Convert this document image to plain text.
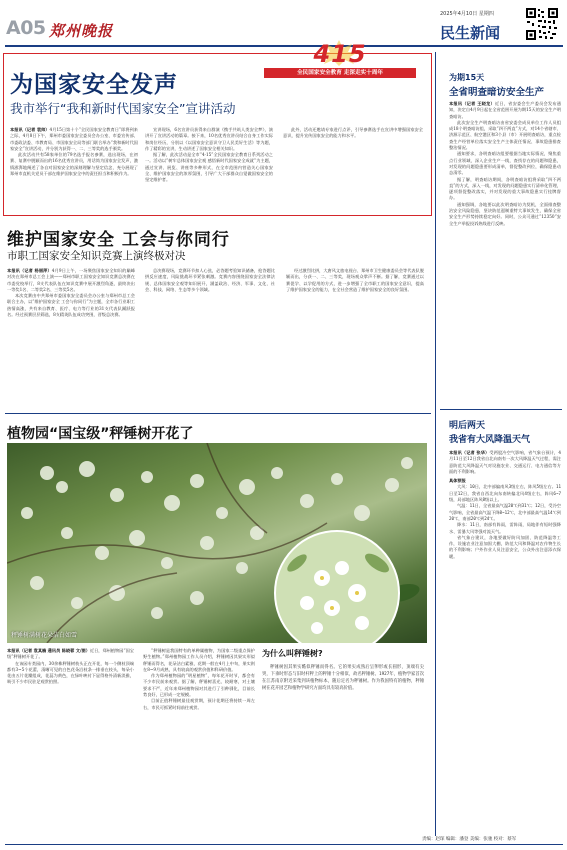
A05 郑州晚报
2025年4月10日 星期四
民生新闻
415
全民国家安全教育 走深走实十周年
为国家安全发声
我市举行“我和新时代国家安全”宣讲活动
本报讯（记者 袁帅）4月15日第十个“全民国家安全教育日”即将到来之际，4月8日下午，郑州市委国家安全委员会办公室、市委宣传部、市委政法委、市教育局、市国家安全局等部门联合举办“我和新时代国家安全”宣讲活动，并分别为获得一、二、三等奖的选手颁奖。
此次活动共有58家单位的79名选手报名参赛，选出现场，在初赛、复赛中脱颖而出的16名优秀宣讲员，用话筒为国家安全发声，激情澎湃地阐述了各自对国家安全的深刻理解与坚定信念，充分展现了郑州市直机关党员干部在维护国家安全中的责任担当和积极作为。
宣讲现场，6名宣讲员获得来自群演《携手共筑人类安全梦》，演讲开了宣讲活动的篇章。接下来，10名优秀宣讲员结合自身工作实际和岗位经历，分别以《以国家安全意识守卫人民美好生活》等为题，作了精彩的宣讲，生动讲述了国家安全相关知识。
据了解，此次活动是全市“4·15”全民国家安全教育日系列活动之一。活动以“树牢总体国家安全观 感悟新时代国家安全成就”为主题，通过宣讲、展览、讲座等多种形式，在全市范围内营造关心国家安全、维护国家安全的浓厚氛围，引导广大干部群众自觉做国家安全的坚定维护者。
此外，活动还邀请专家进行点评，引导参赛选手在宣讲中增强国家安全意识，提升宣传国家安全的能力和水平。
维护国家安全 工会与你同行
市职工国家安全知识竞赛上演终极对决
本报讯（记者 杨丽萍）4月9日上午，一场聚焦国家安全知识的巅峰对决在郑州市总工会上演——郑州市职工国家安全知识竞赛总决赛在市委党校举行，8支代表队伍在知识竞赛中展开激烈角逐，最终决出一等奖1名、二等奖2名、三等奖5名。
本次竞赛由中共郑州市委国家安全委员会办公室与郑州市总工会联合主办，以“维护国家安全 工会与你同行”为主题，全市各行业职工热情高涨，共有来自教育、医疗、电力等行业的31支代表队踊跃报名。经过预赛层层筛选，8支精英队伍成功突围，晋级总决赛。
总决赛现场，竞赛环节扣人心弦，必答题考验知识储备，抢答题比拼反应速度，风险挑战环节紧张刺激。竞赛内容围绕国家安全法律法规、总体国家安全观等知识展开，涵盖政治、经济、军事、文化、社会、科技、网络、生态等多个领域。
经过激烈比拼，大唐风文旅电视台、郑州市卫生健康委员会等代表队脱颖而出，分获一、二、三等奖，现场观众掌声不断。据了解，竞赛通过以赛促学、以学促用的方式，进一步增强了全市职工的国家安全意识，提高了维护国家安全的能力，在全社会营造了维护国家安全的良好氛围。
植物园“国宝级”秤锤树开花了
秤锤树满树花朵洁白如雪
本报讯（记者 袁其楠 通讯员 陈晓蓉 文/图）近日，郑州植物园“国宝级”秤锤树开花了。
在该园专类园内，30余株秤锤树枝头正在开花，每一个侧枝顶端都有3~5个花蕾，清晰可见的白色花朵沿枝条一排垂在枝头，每朵小花由五片花瓣组成，花蕊为黄色，在绿叶映衬下显得格外清新淡雅，吸引不少市民驻足观赏拍照。
“秤锤树是我国特有的单种属植物，为国家二级重点保护野生植物。”郑州植物园工作人员介绍，秤锤树因其果实形似秤锤而得名，花朵洁白素雅，花期一般在4月上中旬，果实则在8~9月成熟，具有较高的观赏价值和科研价值。
作为郑州植物园的“明星植物”，每年花开时节，都会有不少市民前来观赏。据了解，秤锤树喜光、较耐寒，对土壤要求不严，近年来郑州植物园对其进行了引种驯化，目前长势良好，已形成一定规模。
目前正值秤锤树最佳观赏期，预计花期还将持续一周左右，市民可抓紧时间前往观赏。
为什么叫秤锤树?
秤锤树因其果实酷似秤锤而得名。它的果实成熟后呈卵形或长圆形，顶端有尖突，下垂时形态与旧时杆秤上的秤锤十分相似，故名秤锤树。1927年，植物学家首次在江苏南京附近采集到该植物标本，随后定名为秤锤树。作为我国特有的植物，秤锤树在花卉园艺和植物学研究方面均具有较高价值。
为期15天
全省明查暗访安全生产
本报讯（记者 王晓龙）近日，省安委会生产委员会发布通知，决定自4月9日起在全省范围开展为期15天的安全生产明查暗访。
此次安全生产明查暗访由省安委会成员单位工作人员组成18个明查暗访组，采取“四不两直”方式，对14个省辖市、济源示范区、航空港区和3个县（市）开展明查暗访，重点检查生产经营单位落实安全生产主体责任情况、事故隐患排查整治情况。
通知要求，各明查暗访组要根据当地实际情况，聚焦重点行业领域，深入企业生产一线，查找存在的问题和隐患，对发现的问题隐患要形成清单，督促整改到位，确保隐患动态清零。
据了解，明查暗访期间，各明查暗访组将采取“四不两直”的方式，深入一线，对发现的问题隐患实行清单化管理，逐项督促整改落实，并对发现的重大事故隐患实行挂牌督办。
通知强调，各地要以此次明查暗访为契机，全面排查整治安全风险隐患，坚决防范遏制重特大事故发生，确保全省安全生产形势持续稳定向好。同时，公众可通过“12350”安全生产举报投诉热线进行反映。
明后两天
我省有大风降温天气
本报讯（记者 张华）受两股冷空气影响，省气象台预计，4月11日至12日我省自北向南有一次大风降温天气过程，需注意防范大风降温天气对设施农业、交通运行、电力通信等方面的不利影响。
具体预报
大风：10日，北中部偏南风3级左右，阵风5级左右。11日至12日，我省自西北向东南转偏北风4级左右，阵风6~7级，局部地区阵风8级以上。
气温：11日，全省最高气温20℃到31℃；12日，受冷空气影响，全省最高气温下降8~12℃，北中部最高气温14℃到20℃，南部20℃到24℃。
降水：11日，南部有阵雨，雷阵雨，局地伴有短时强降水、雷暴大风等强对流天气。
省气象台建议，各地要做好防风加固、防范降温等工作，设施农业注意加固大棚，防范大风和降温对农作物生长的不利影响；户外作业人员注意安全，公众外出注意添衣保暖。
责编：赵琛 编辑：潘登 美编：张驰 校对：蔡军
